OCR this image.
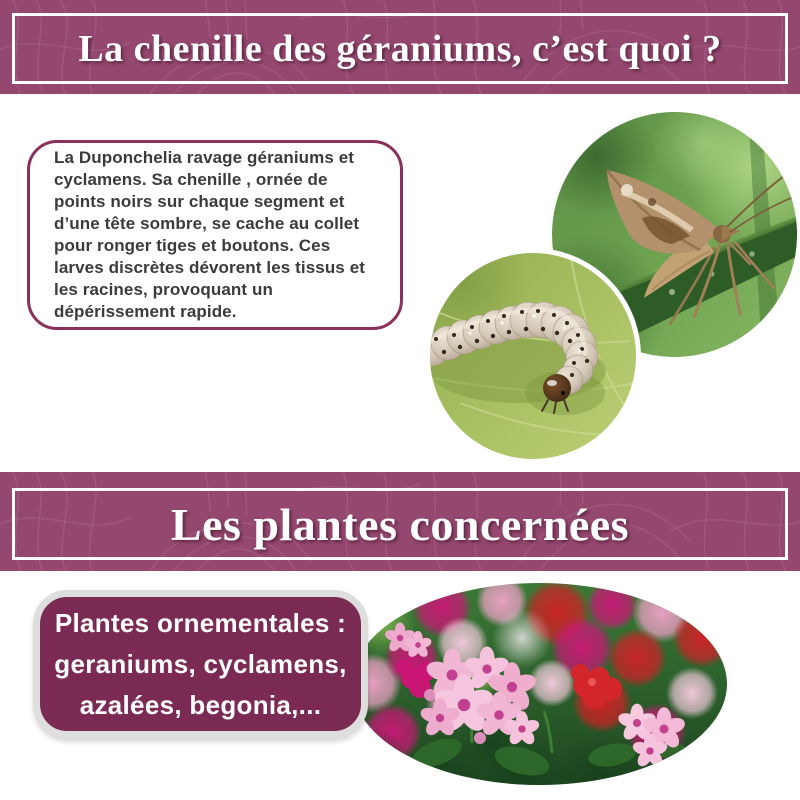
La chenille des géraniums, c’est quoi ?

La Duponchelia ravage géraniums et cyclamens. Sa chenille , ornée de points noirs sur chaque segment et d’une tête sombre, se cache au collet pour ronger tiges et boutons. Ces larves discrètes dévorent les tissus et les racines, provoquant un dépérissement rapide.

Les plantes concernées
Plantes ornementales :
geraniums, cyclamens,
azalées, begonia,...
